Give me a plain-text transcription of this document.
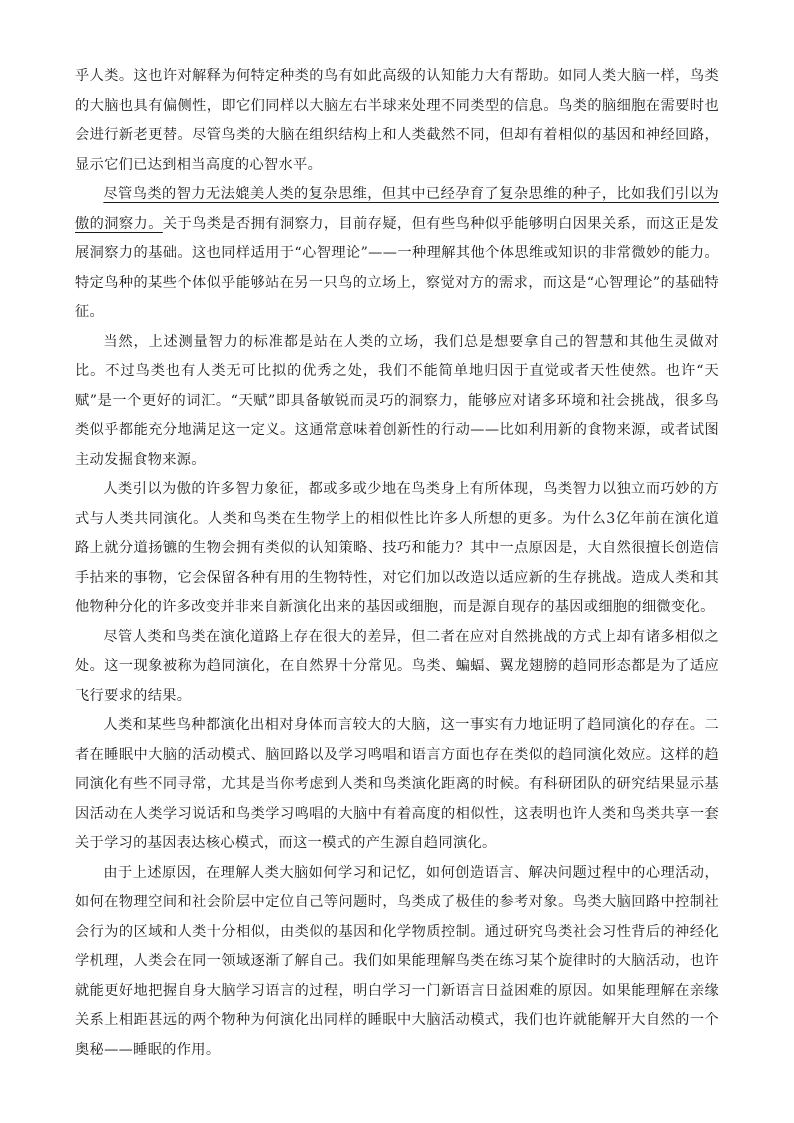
乎人类。这也许对解释为何特定种类的鸟有如此高级的认知能力大有帮助。如同人类大脑一样，鸟类的大脑也具有偏侧性，即它们同样以大脑左右半球来处理不同类型的信息。鸟类的脑细胞在需要时也会进行新老更替。尽管鸟类的大脑在组织结构上和人类截然不同，但却有着相似的基因和神经回路，显示它们已达到相当高度的心智水平。

尽管鸟类的智力无法媲美人类的复杂思维，但其中已经孕育了复杂思维的种子，比如我们引以为傲的洞察力。关于鸟类是否拥有洞察力，目前存疑，但有些鸟种似乎能够明白因果关系，而这正是发展洞察力的基础。这也同样适用于“心智理论”——一种理解其他个体思维或知识的非常微妙的能力。特定鸟种的某些个体似乎能够站在另一只鸟的立场上，察觉对方的需求，而这是“心智理论”的基础特征。

当然，上述测量智力的标准都是站在人类的立场，我们总是想要拿自己的智慧和其他生灵做对比。不过鸟类也有人类无可比拟的优秀之处，我们不能简单地归因于直觉或者天性使然。也许“天赋”是一个更好的词汇。“天赋”即具备敏锐而灵巧的洞察力，能够应对诸多环境和社会挑战，很多鸟类似乎都能充分地满足这一定义。这通常意味着创新性的行动——比如利用新的食物来源，或者试图主动发掘食物来源。

人类引以为傲的许多智力象征，都或多或少地在鸟类身上有所体现，鸟类智力以独立而巧妙的方式与人类共同演化。人类和鸟类在生物学上的相似性比许多人所想的更多。为什么3亿年前在演化道路上就分道扬镳的生物会拥有类似的认知策略、技巧和能力？其中一点原因是，大自然很擅长创造信手拈来的事物，它会保留各种有用的生物特性，对它们加以改造以适应新的生存挑战。造成人类和其他物种分化的许多改变并非来自新演化出来的基因或细胞，而是源自现存的基因或细胞的细微变化。

尽管人类和鸟类在演化道路上存在很大的差异，但二者在应对自然挑战的方式上却有诸多相似之处。这一现象被称为趋同演化，在自然界十分常见。鸟类、蝙蝠、翼龙翅膀的趋同形态都是为了适应飞行要求的结果。

人类和某些鸟种都演化出相对身体而言较大的大脑，这一事实有力地证明了趋同演化的存在。二者在睡眠中大脑的活动模式、脑回路以及学习鸣唱和语言方面也存在类似的趋同演化效应。这样的趋同演化有些不同寻常，尤其是当你考虑到人类和鸟类演化距离的时候。有科研团队的研究结果显示基因活动在人类学习说话和鸟类学习鸣唱的大脑中有着高度的相似性，这表明也许人类和鸟类共享一套关于学习的基因表达核心模式，而这一模式的产生源自趋同演化。

由于上述原因，在理解人类大脑如何学习和记忆，如何创造语言、解决问题过程中的心理活动，如何在物理空间和社会阶层中定位自己等问题时，鸟类成了极佳的参考对象。鸟类大脑回路中控制社会行为的区域和人类十分相似，由类似的基因和化学物质控制。通过研究鸟类社会习性背后的神经化学机理，人类会在同一领域逐渐了解自己。我们如果能理解鸟类在练习某个旋律时的大脑活动，也许就能更好地把握自身大脑学习语言的过程，明白学习一门新语言日益困难的原因。如果能理解在亲缘关系上相距甚远的两个物种为何演化出同样的睡眠中大脑活动模式，我们也许就能解开大自然的一个奥秘——睡眠的作用。
